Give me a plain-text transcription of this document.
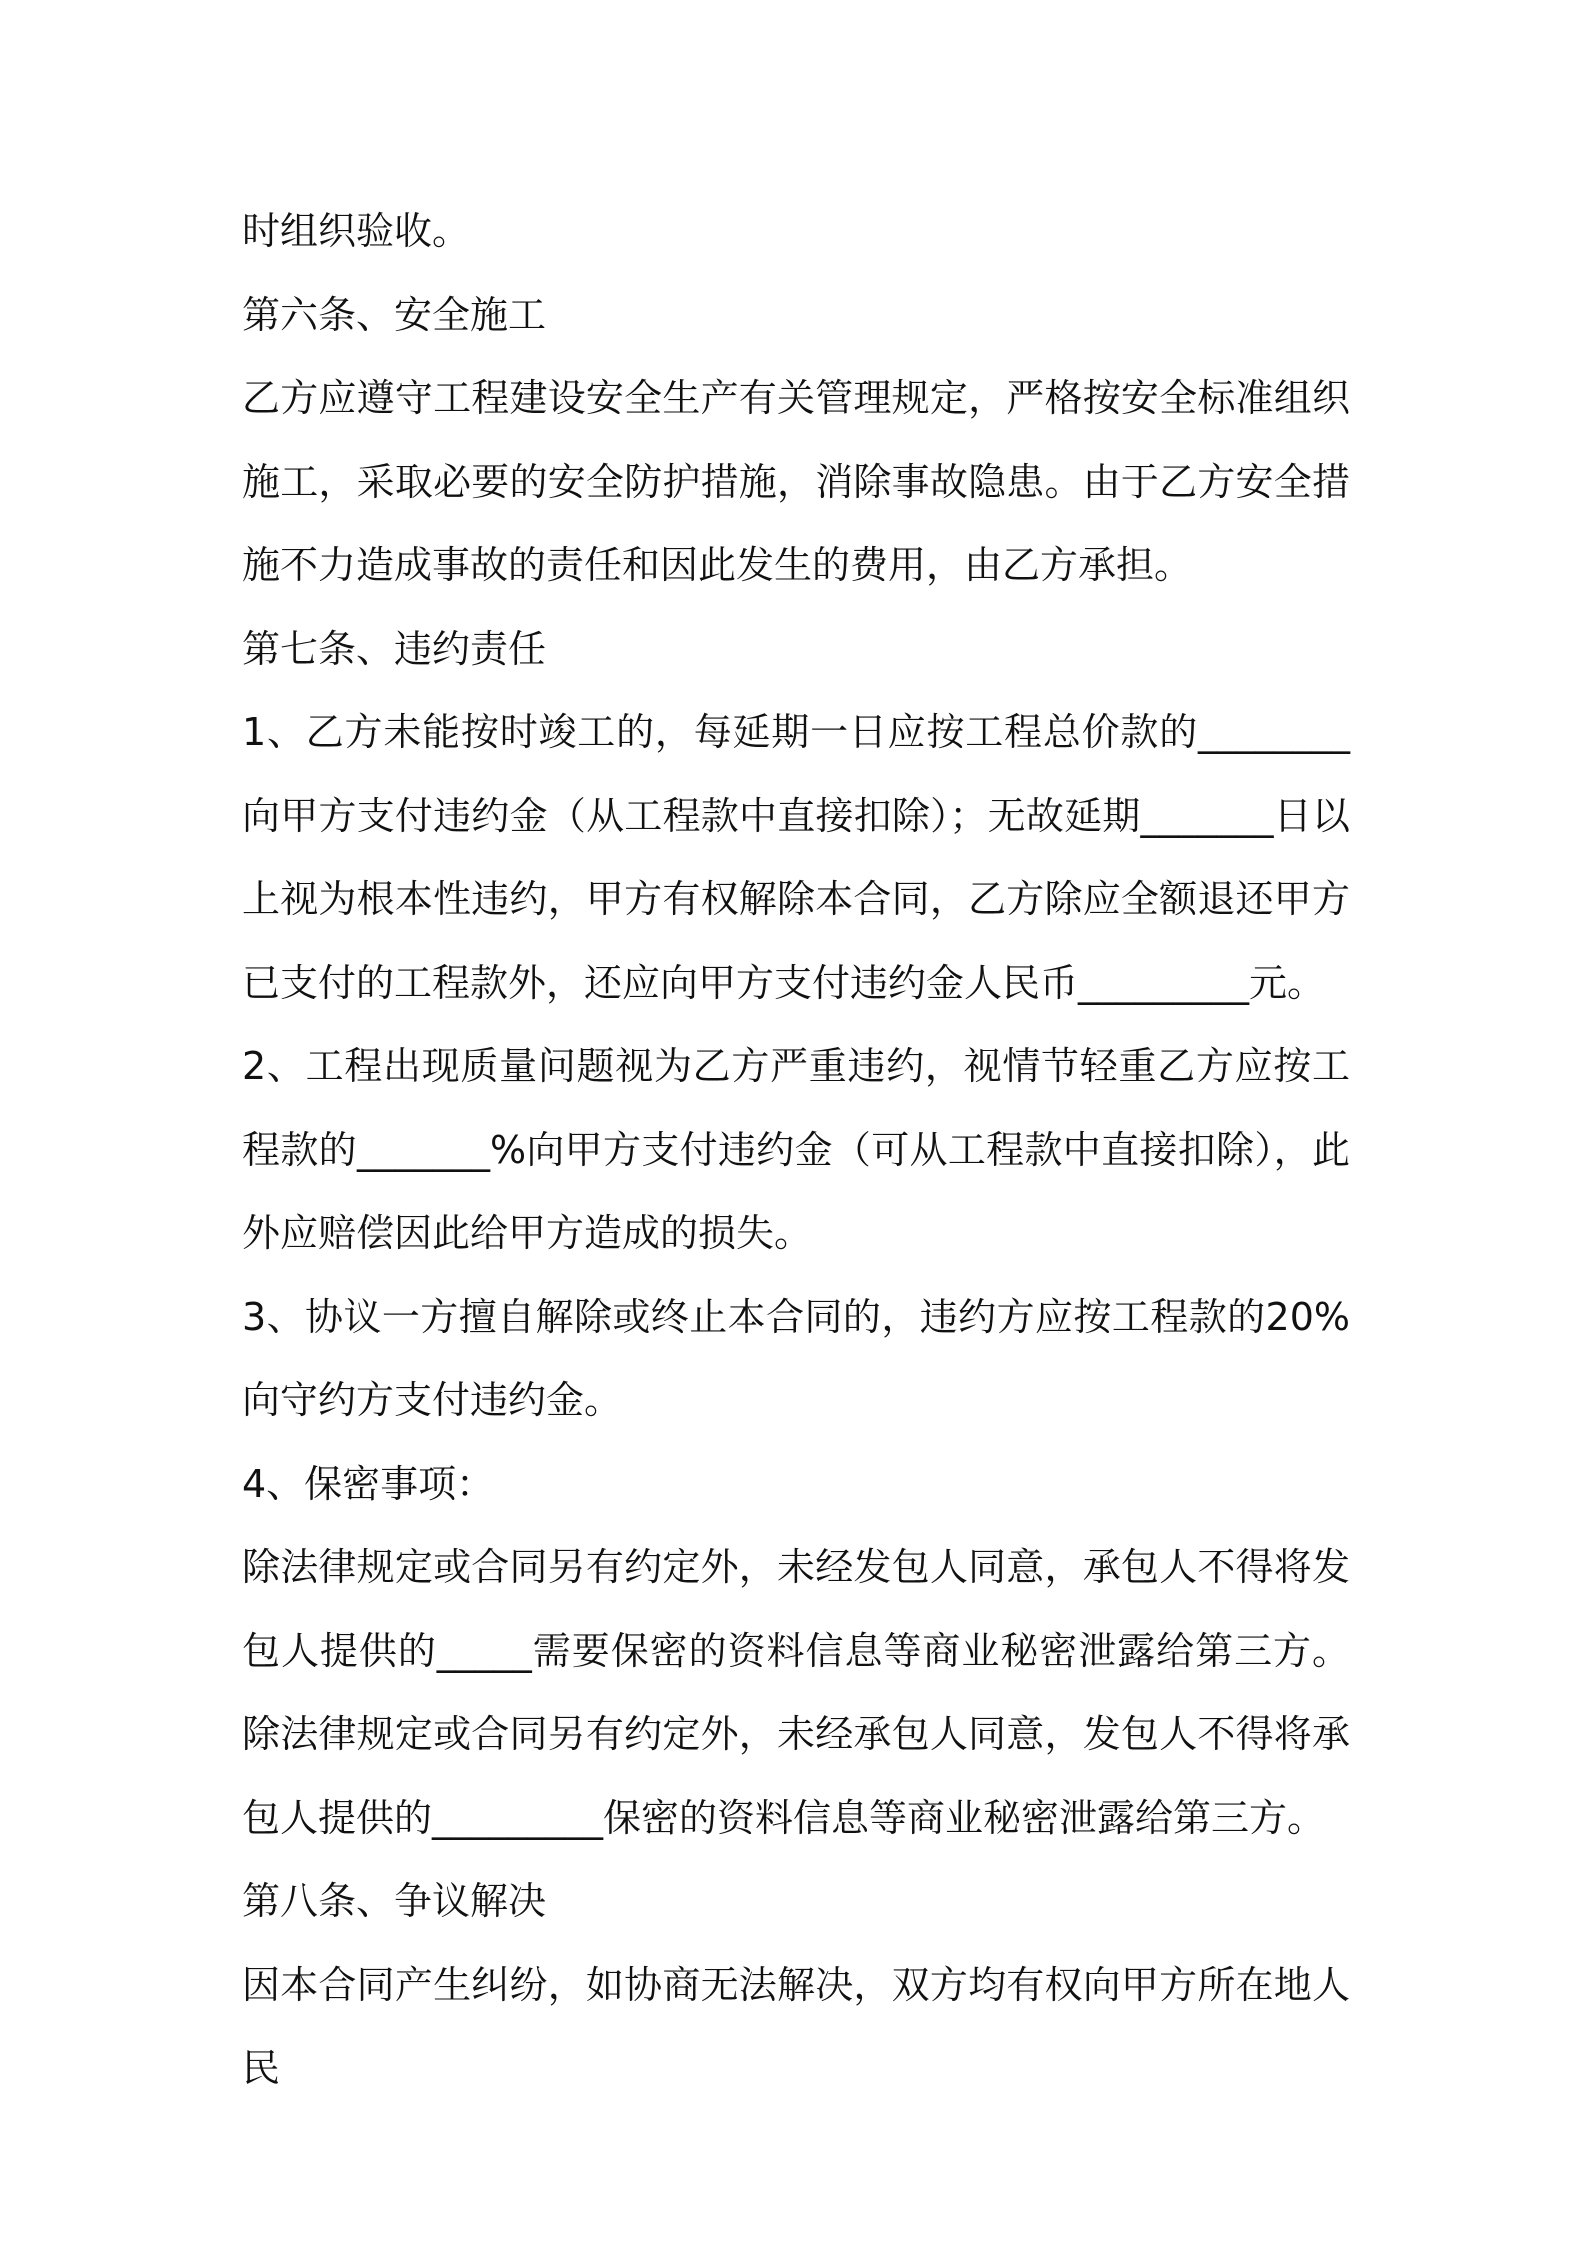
时组织验收。

第六条、安全施工

乙方应遵守工程建设安全生产有关管理规定，严格按安全标准组织施工，采取必要的安全防护措施，消除事故隐患。由于乙方安全措施不力造成事故的责任和因此发生的费用，由乙方承担。

第七条、违约责任

1、乙方未能按时竣工的，每延期一日应按工程总价款的________向甲方支付违约金（从工程款中直接扣除）；无故延期_______日以上视为根本性违约，甲方有权解除本合同，乙方除应全额退还甲方已支付的工程款外，还应向甲方支付违约金人民币_________元。

2、工程出现质量问题视为乙方严重违约，视情节轻重乙方应按工程款的_______%向甲方支付违约金（可从工程款中直接扣除），此外应赔偿因此给甲方造成的损失。

3、协议一方擅自解除或终止本合同的，违约方应按工程款的20%向守约方支付违约金。

4、保密事项：

除法律规定或合同另有约定外，未经发包人同意，承包人不得将发包人提供的_____需要保密的资料信息等商业秘密泄露给第三方。除法律规定或合同另有约定外，未经承包人同意，发包人不得将承包人提供的_________保密的资料信息等商业秘密泄露给第三方。

第八条、争议解决

因本合同产生纠纷，如协商无法解决，双方均有权向甲方所在地人民
